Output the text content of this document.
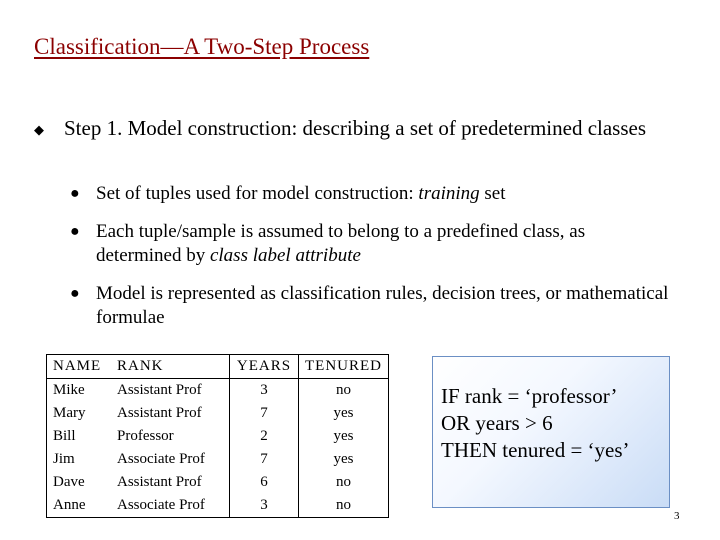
Classification—A Two-Step Process
◆ Step 1. Model construction: describing a set of predetermined classes
● Set of tuples used for model construction: training set
● Each tuple/sample is assumed to belong to a predefined class, as determined by class label attribute
● Model is represented as classification rules, decision trees, or mathematical formulae
NAME	RANK	YEARS	TENURED
Mike	Assistant Prof	3	no
Mary	Assistant Prof	7	yes
Bill	Professor	2	yes
Jim	Associate Prof	7	yes
Dave	Assistant Prof	6	no
Anne	Associate Prof	3	no
IF rank = ‘professor’
OR years > 6
THEN tenured = ‘yes’
3
